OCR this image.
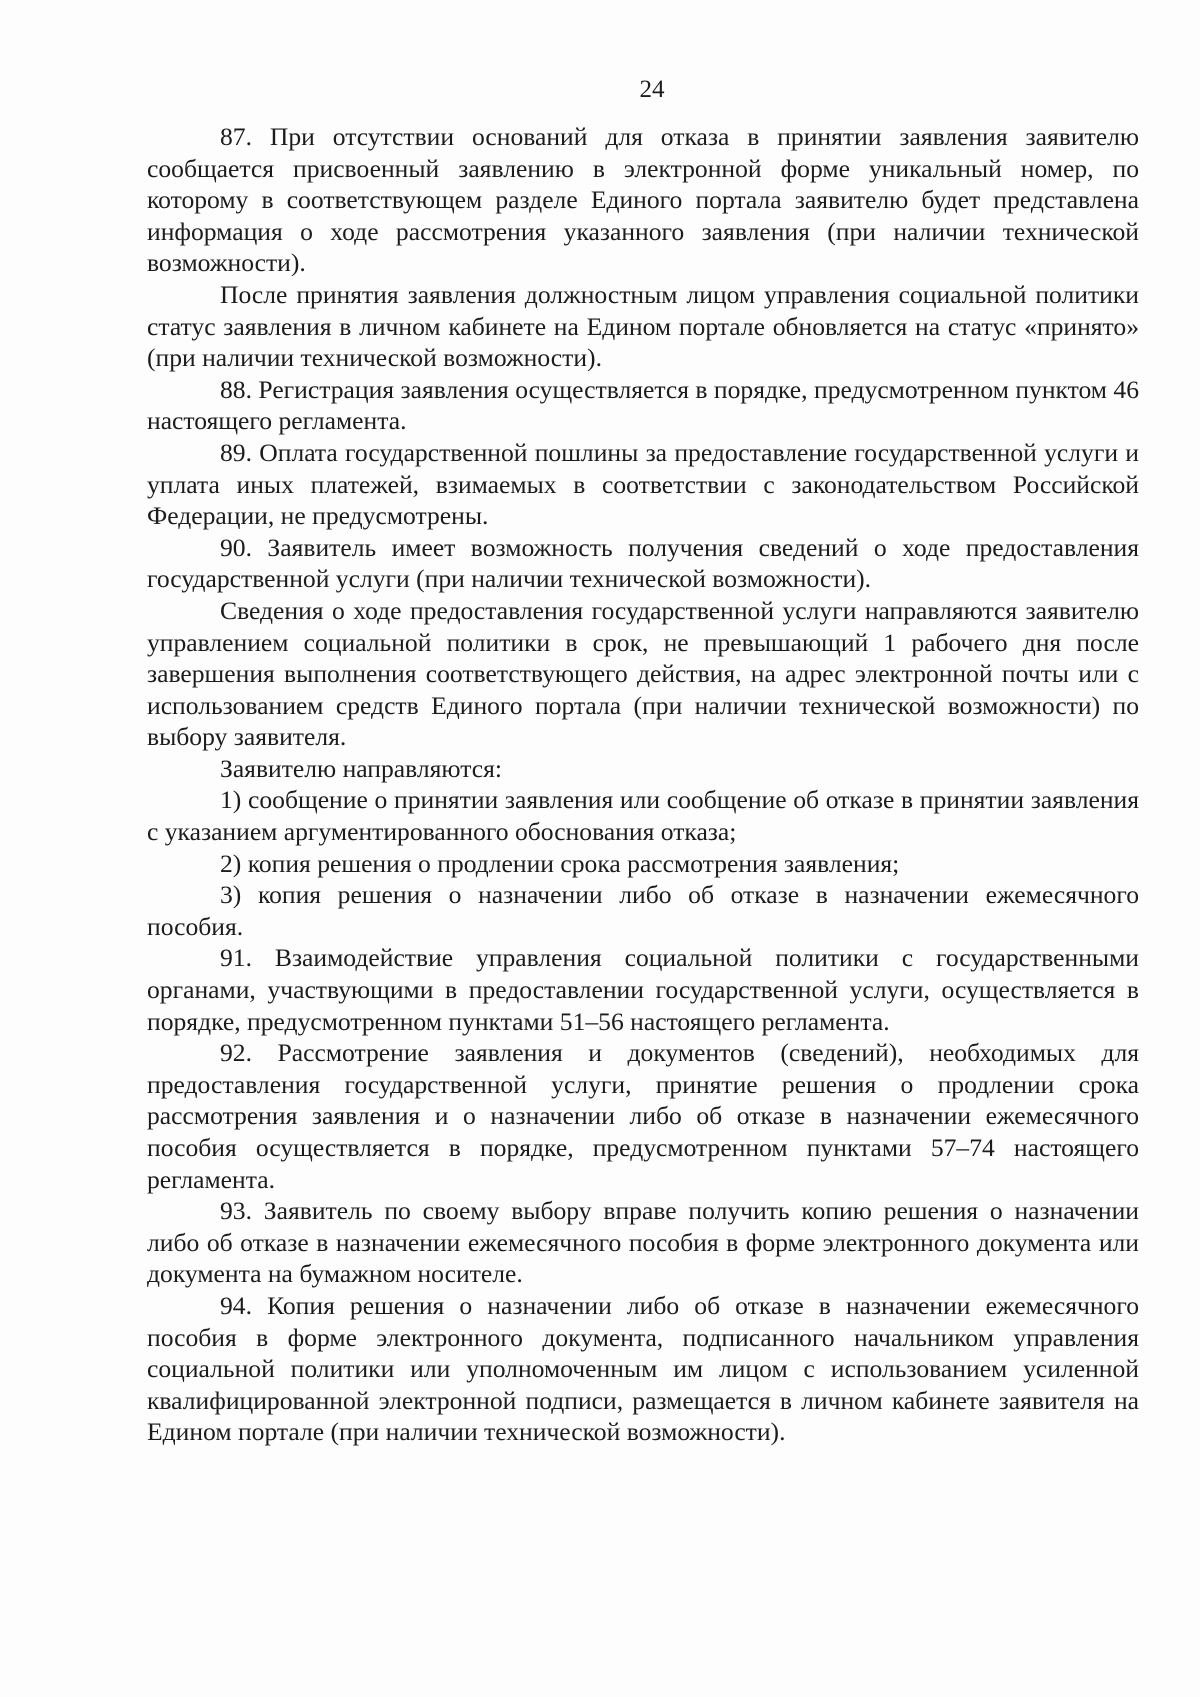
24

87. При отсутствии оснований для отказа в принятии заявления заявителю сообщается присвоенный заявлению в электронной форме уникальный номер, по которому в соответствующем разделе Единого портала заявителю будет представлена информация о ходе рассмотрения указанного заявления (при наличии технической возможности).

После принятия заявления должностным лицом управления социальной политики статус заявления в личном кабинете на Едином портале обновляется на статус «принято» (при наличии технической возможности).

88. Регистрация заявления осуществляется в порядке, предусмотренном пунктом 46 настоящего регламента.

89. Оплата государственной пошлины за предоставление государственной услуги и уплата иных платежей, взимаемых в соответствии с законодательством Российской Федерации, не предусмотрены.

90. Заявитель имеет возможность получения сведений о ходе предоставления государственной услуги (при наличии технической возможности).

Сведения о ходе предоставления государственной услуги направляются заявителю управлением социальной политики в срок, не превышающий 1 рабочего дня после завершения выполнения соответствующего действия, на адрес электронной почты или с использованием средств Единого портала (при наличии технической возможности) по выбору заявителя.

Заявителю направляются:

1) сообщение о принятии заявления или сообщение об отказе в принятии заявления с указанием аргументированного обоснования отказа;

2) копия решения о продлении срока рассмотрения заявления;

3) копия решения о назначении либо об отказе в назначении ежемесячного пособия.

91. Взаимодействие управления социальной политики с государственными органами, участвующими в предоставлении государственной услуги, осуществляется в порядке, предусмотренном пунктами 51–56 настоящего регламента.

92. Рассмотрение заявления и документов (сведений), необходимых для предоставления государственной услуги, принятие решения о продлении срока рассмотрения заявления и о назначении либо об отказе в назначении ежемесячного пособия осуществляется в порядке, предусмотренном пунктами 57–74 настоящего регламента.

93. Заявитель по своему выбору вправе получить копию решения о назначении либо об отказе в назначении ежемесячного пособия в форме электронного документа или документа на бумажном носителе.

94. Копия решения о назначении либо об отказе в назначении ежемесячного пособия в форме электронного документа, подписанного начальником управления социальной политики или уполномоченным им лицом с использованием усиленной квалифицированной электронной подписи, размещается в личном кабинете заявителя на Едином портале (при наличии технической возможности).
